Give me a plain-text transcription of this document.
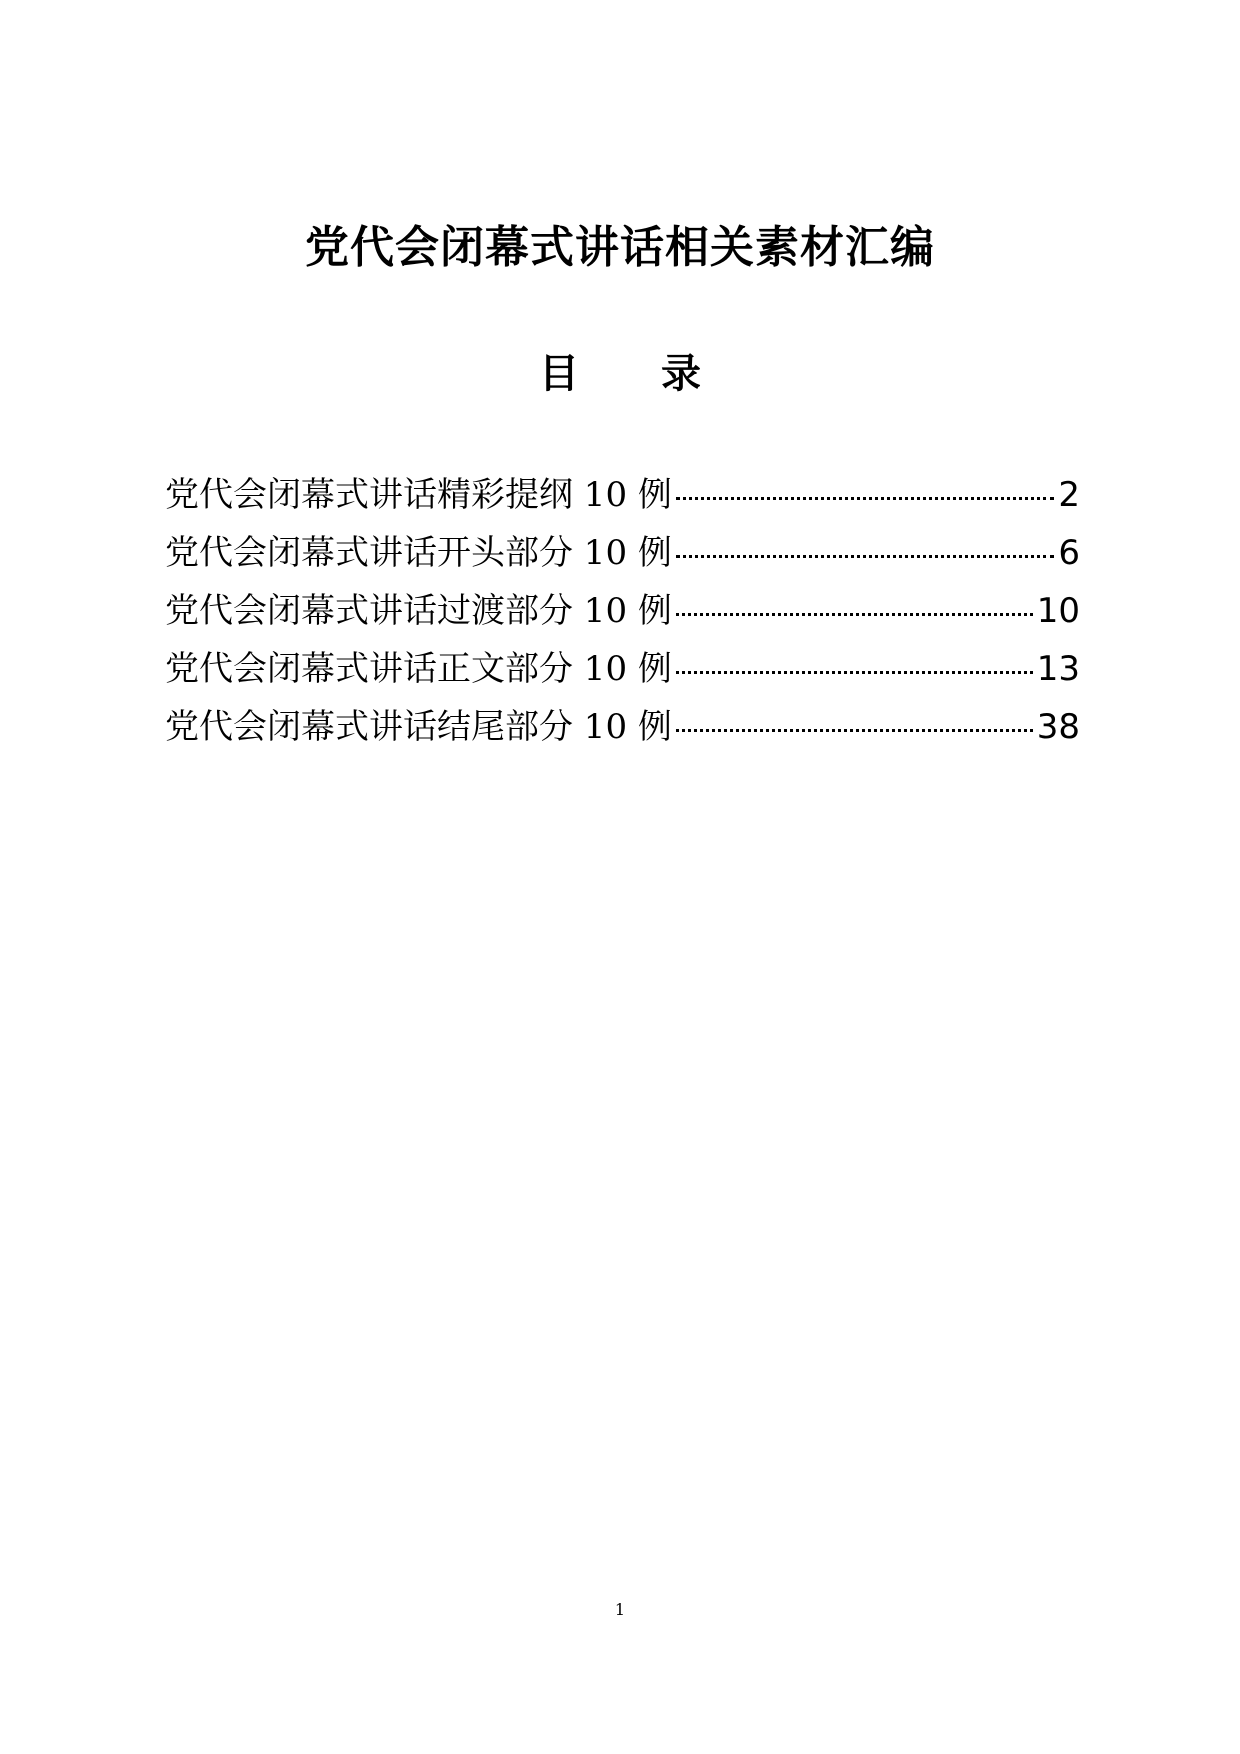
党代会闭幕式讲话相关素材汇编
目 录
党代会闭幕式讲话精彩提纲 10 例	2
党代会闭幕式讲话开头部分 10 例	6
党代会闭幕式讲话过渡部分 10 例	10
党代会闭幕式讲话正文部分 10 例	13
党代会闭幕式讲话结尾部分 10 例	38
1
